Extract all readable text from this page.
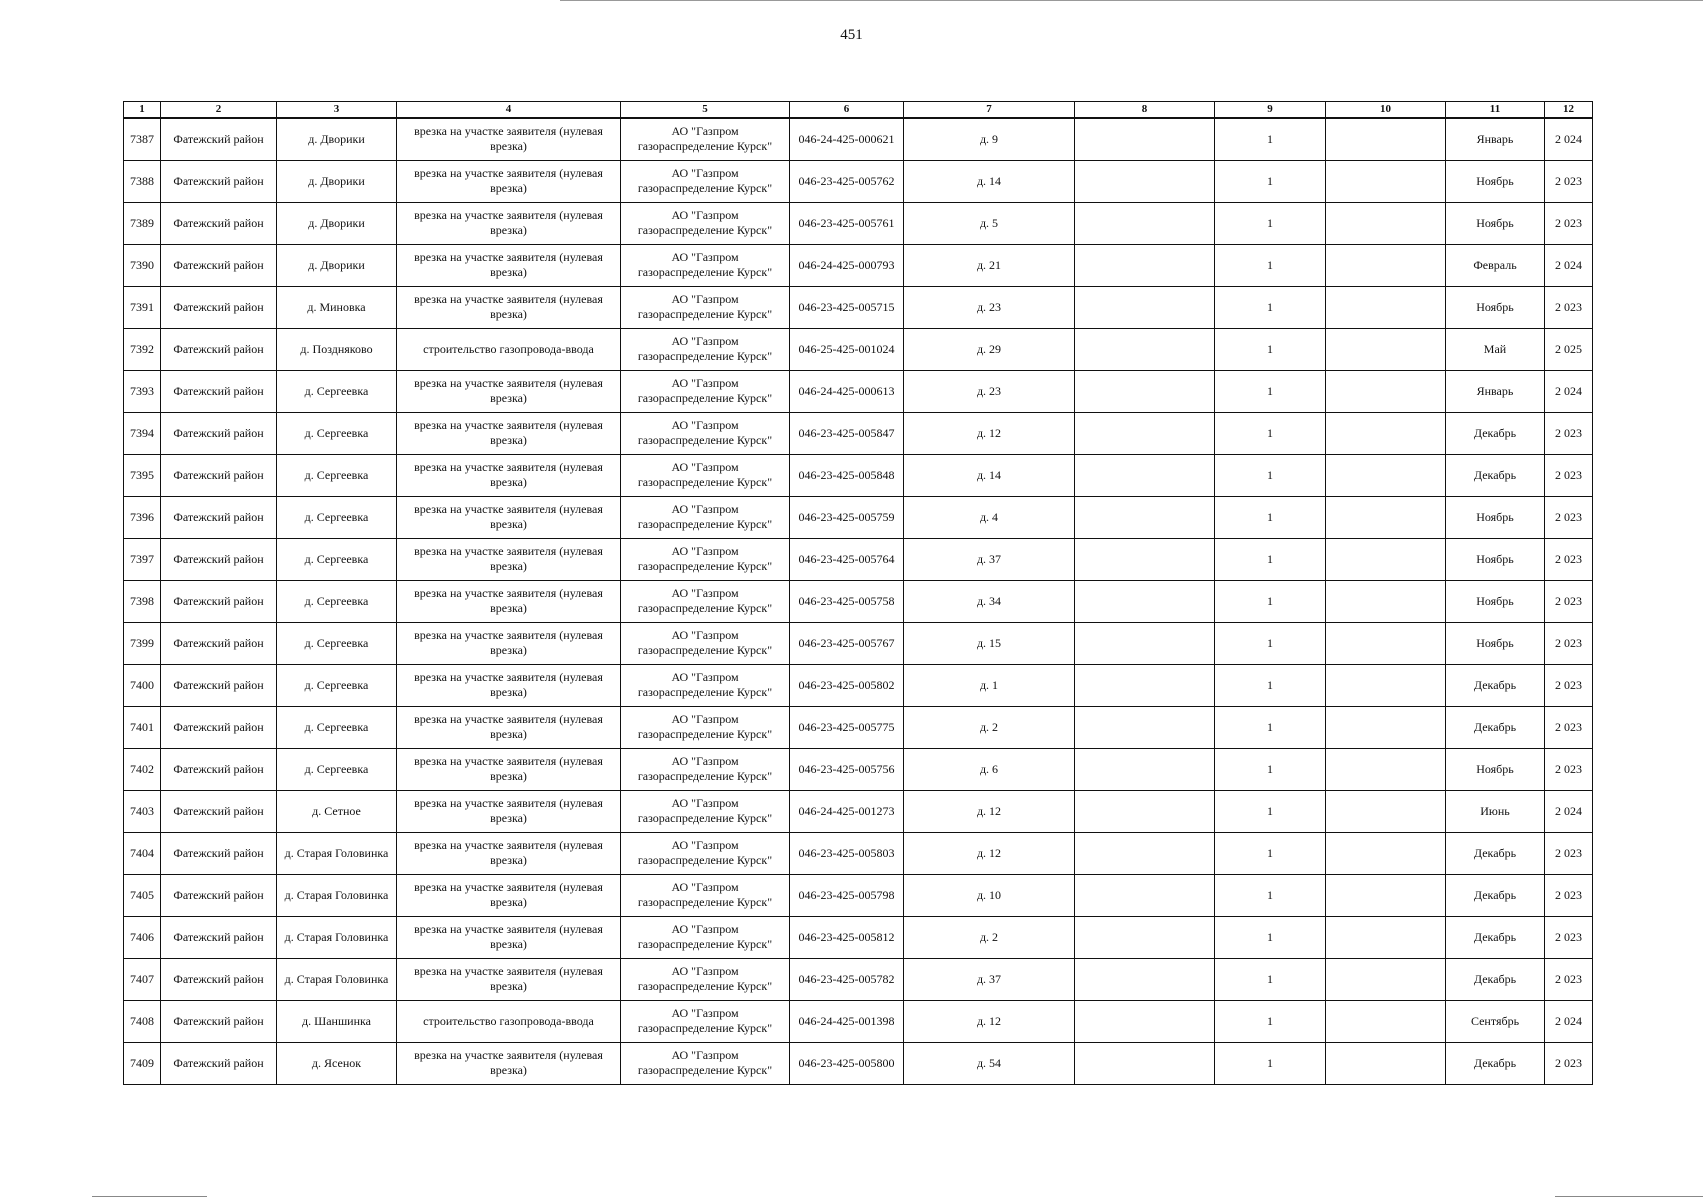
451
1	2	3	4	5	6	7	8	9	10	11	12
7387	Фатежский район	д. Дворики	врезка на участке заявителя (нулевая врезка)	АО "Газпром газораспределение Курск"	046-24-425-000621	д. 9		1		Январь	2 024
7388	Фатежский район	д. Дворики	врезка на участке заявителя (нулевая врезка)	АО "Газпром газораспределение Курск"	046-23-425-005762	д. 14		1		Ноябрь	2 023
7389	Фатежский район	д. Дворики	врезка на участке заявителя (нулевая врезка)	АО "Газпром газораспределение Курск"	046-23-425-005761	д. 5		1		Ноябрь	2 023
7390	Фатежский район	д. Дворики	врезка на участке заявителя (нулевая врезка)	АО "Газпром газораспределение Курск"	046-24-425-000793	д. 21		1		Февраль	2 024
7391	Фатежский район	д. Миновка	врезка на участке заявителя (нулевая врезка)	АО "Газпром газораспределение Курск"	046-23-425-005715	д. 23		1		Ноябрь	2 023
7392	Фатежский район	д. Поздняково	строительство газопровода-ввода	АО "Газпром газораспределение Курск"	046-25-425-001024	д. 29		1		Май	2 025
7393	Фатежский район	д. Сергеевка	врезка на участке заявителя (нулевая врезка)	АО "Газпром газораспределение Курск"	046-24-425-000613	д. 23		1		Январь	2 024
7394	Фатежский район	д. Сергеевка	врезка на участке заявителя (нулевая врезка)	АО "Газпром газораспределение Курск"	046-23-425-005847	д. 12		1		Декабрь	2 023
7395	Фатежский район	д. Сергеевка	врезка на участке заявителя (нулевая врезка)	АО "Газпром газораспределение Курск"	046-23-425-005848	д. 14		1		Декабрь	2 023
7396	Фатежский район	д. Сергеевка	врезка на участке заявителя (нулевая врезка)	АО "Газпром газораспределение Курск"	046-23-425-005759	д. 4		1		Ноябрь	2 023
7397	Фатежский район	д. Сергеевка	врезка на участке заявителя (нулевая врезка)	АО "Газпром газораспределение Курск"	046-23-425-005764	д. 37		1		Ноябрь	2 023
7398	Фатежский район	д. Сергеевка	врезка на участке заявителя (нулевая врезка)	АО "Газпром газораспределение Курск"	046-23-425-005758	д. 34		1		Ноябрь	2 023
7399	Фатежский район	д. Сергеевка	врезка на участке заявителя (нулевая врезка)	АО "Газпром газораспределение Курск"	046-23-425-005767	д. 15		1		Ноябрь	2 023
7400	Фатежский район	д. Сергеевка	врезка на участке заявителя (нулевая врезка)	АО "Газпром газораспределение Курск"	046-23-425-005802	д. 1		1		Декабрь	2 023
7401	Фатежский район	д. Сергеевка	врезка на участке заявителя (нулевая врезка)	АО "Газпром газораспределение Курск"	046-23-425-005775	д. 2		1		Декабрь	2 023
7402	Фатежский район	д. Сергеевка	врезка на участке заявителя (нулевая врезка)	АО "Газпром газораспределение Курск"	046-23-425-005756	д. 6		1		Ноябрь	2 023
7403	Фатежский район	д. Сетное	врезка на участке заявителя (нулевая врезка)	АО "Газпром газораспределение Курск"	046-24-425-001273	д. 12		1		Июнь	2 024
7404	Фатежский район	д. Старая Головинка	врезка на участке заявителя (нулевая врезка)	АО "Газпром газораспределение Курск"	046-23-425-005803	д. 12		1		Декабрь	2 023
7405	Фатежский район	д. Старая Головинка	врезка на участке заявителя (нулевая врезка)	АО "Газпром газораспределение Курск"	046-23-425-005798	д. 10		1		Декабрь	2 023
7406	Фатежский район	д. Старая Головинка	врезка на участке заявителя (нулевая врезка)	АО "Газпром газораспределение Курск"	046-23-425-005812	д. 2		1		Декабрь	2 023
7407	Фатежский район	д. Старая Головинка	врезка на участке заявителя (нулевая врезка)	АО "Газпром газораспределение Курск"	046-23-425-005782	д. 37		1		Декабрь	2 023
7408	Фатежский район	д. Шаншинка	строительство газопровода-ввода	АО "Газпром газораспределение Курск"	046-24-425-001398	д. 12		1		Сентябрь	2 024
7409	Фатежский район	д. Ясенок	врезка на участке заявителя (нулевая врезка)	АО "Газпром газораспределение Курск"	046-23-425-005800	д. 54		1		Декабрь	2 023
